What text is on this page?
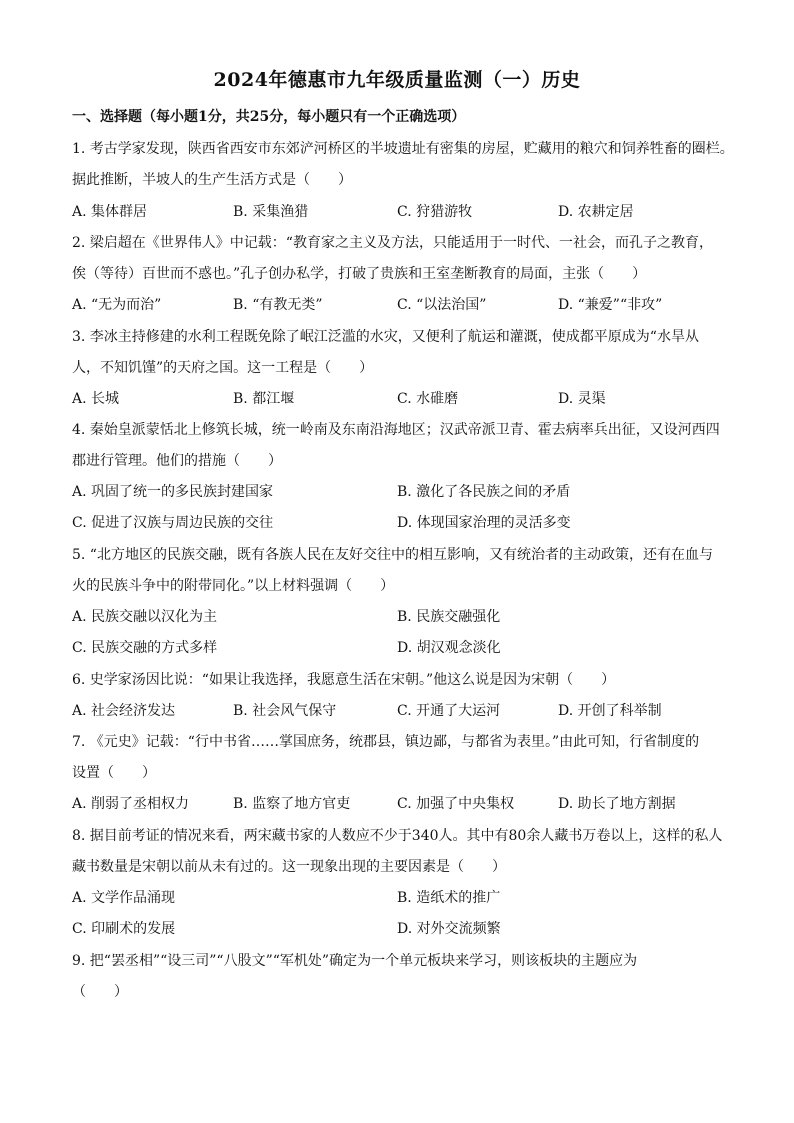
2024年德惠市九年级质量监测（一）历史
一、选择题（每小题1分，共25分，每小题只有一个正确选项）
1. 考古学家发现，陕西省西安市东郊浐河桥区的半坡遗址有密集的房屋，贮藏用的粮穴和饲养牲畜的圈栏。
据此推断，半坡人的生产生活方式是（　　）
A. 集体群居	B. 采集渔猎	C. 狩猎游牧	D. 农耕定居
2. 梁启超在《世界伟人》中记载：“教育家之主义及方法，只能适用于一时代、一社会，而孔子之教育，
俟（等待）百世而不惑也。”孔子创办私学，打破了贵族和王室垄断教育的局面，主张（　　）
A. “无为而治”	B. “有教无类”	C. “以法治国”	D. “兼爱”“非攻”
3. 李冰主持修建的水利工程既免除了岷江泛滥的水灾，又便利了航运和灌溉，使成都平原成为“水旱从
人，不知饥馑”的天府之国。这一工程是（　　）
A. 长城	B. 都江堰	C. 水碓磨	D. 灵渠
4. 秦始皇派蒙恬北上修筑长城，统一岭南及东南沿海地区；汉武帝派卫青、霍去病率兵出征，又设河西四
郡进行管理。他们的措施（　　）
A. 巩固了统一的多民族封建国家	B. 激化了各民族之间的矛盾
C. 促进了汉族与周边民族的交往	D. 体现国家治理的灵活多变
5. “北方地区的民族交融，既有各族人民在友好交往中的相互影响，又有统治者的主动政策，还有在血与
火的民族斗争中的附带同化。”以上材料强调（　　）
A. 民族交融以汉化为主	B. 民族交融强化
C. 民族交融的方式多样	D. 胡汉观念淡化
6. 史学家汤因比说：“如果让我选择，我愿意生活在宋朝。”他这么说是因为宋朝（　　）
A. 社会经济发达	B. 社会风气保守	C. 开通了大运河	D. 开创了科举制
7. 《元史》记载：“行中书省……掌国庶务，统郡县，镇边鄙，与都省为表里。”由此可知，行省制度的
设置（　　）
A. 削弱了丞相权力	B. 监察了地方官吏	C. 加强了中央集权	D. 助长了地方割据
8. 据目前考证的情况来看，两宋藏书家的人数应不少于340人。其中有80余人藏书万卷以上，这样的私人
藏书数量是宋朝以前从未有过的。这一现象出现的主要因素是（　　）
A. 文学作品涌现	B. 造纸术的推广
C. 印刷术的发展	D. 对外交流频繁
9. 把“罢丞相”“设三司”“八股文”“军机处”确定为一个单元板块来学习，则该板块的主题应为
（　　）
